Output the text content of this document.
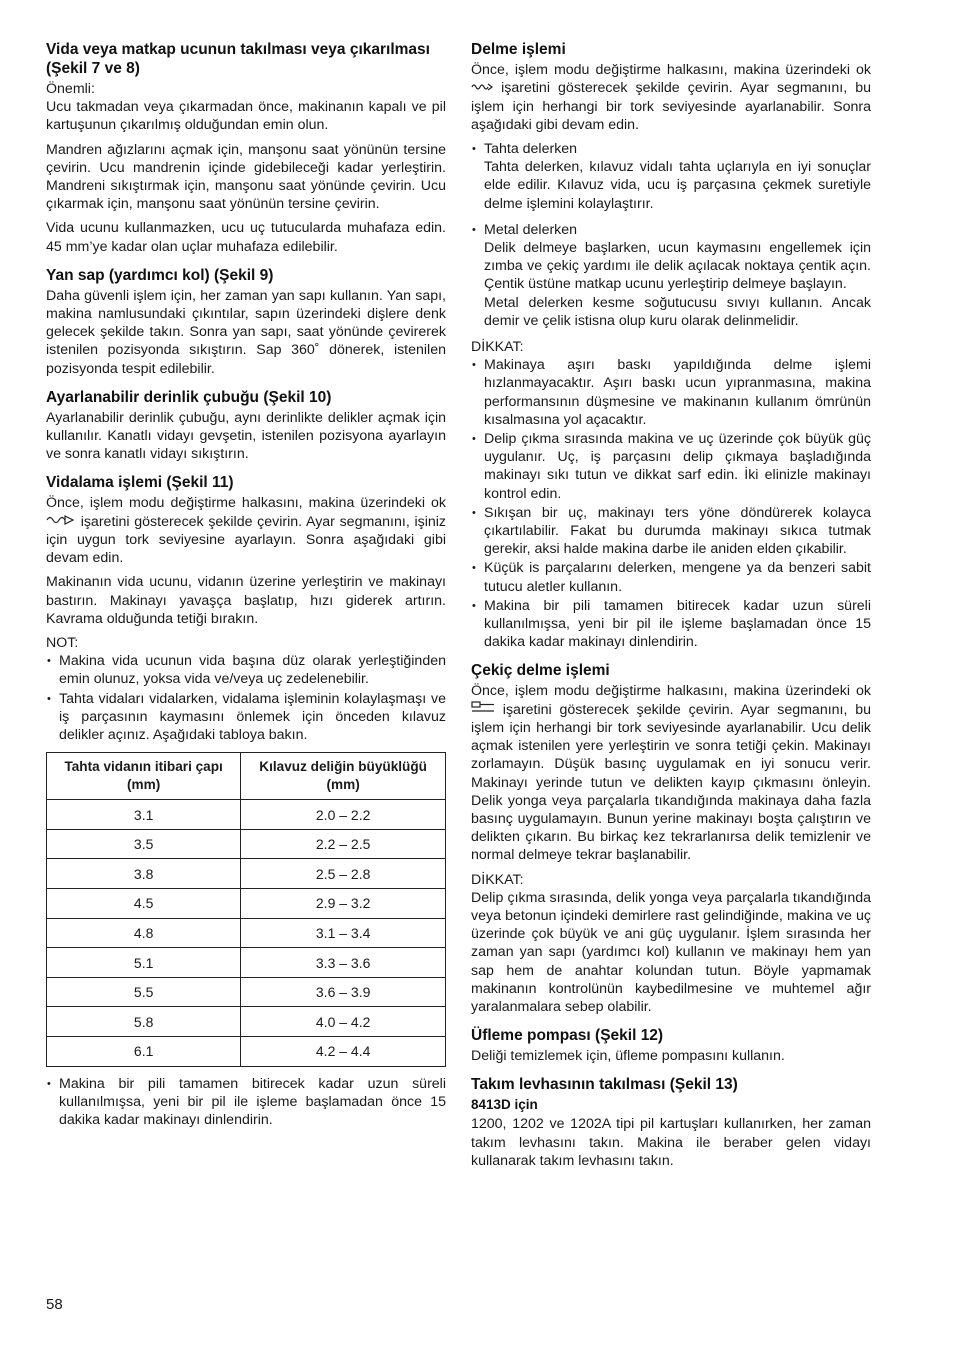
Vida veya matkap ucunun takılması veya çıkarılması (Şekil 7 ve 8)

Önemli:

Ucu takmadan veya çıkarmadan önce, makinanın kapalı ve pil kartuşunun çıkarılmış olduğundan emin olun.

Mandren ağızlarını açmak için, manşonu saat yönünün tersine çevirin. Ucu mandrenin içinde gidebileceği kadar yerleştirin. Mandreni sıkıştırmak için, manşonu saat yönünde çevirin. Ucu çıkarmak için, manşonu saat yönünün tersine çevirin.

Vida ucunu kullanmazken, ucu uç tutucularda muhafaza edin. 45 mm’ye kadar olan uçlar muhafaza edilebilir.

Yan sap (yardımcı kol) (Şekil 9)

Daha güvenli işlem için, her zaman yan sapı kullanın. Yan sapı, makina namlusundaki çıkıntılar, sapın üzerindeki dişlere denk gelecek şekilde takın. Sonra yan sapı, saat yönünde çevirerek istenilen pozisyonda sıkıştırın. Sap 360˚ dönerek, istenilen pozisyonda tespit edilebilir.

Ayarlanabilir derinlik çubuğu (Şekil 10)

Ayarlanabilir derinlik çubuğu, aynı derinlikte delikler açmak için kullanılır. Kanatlı vidayı gevşetin, istenilen pozisyona ayarlayın ve sonra kanatlı vidayı sıkıştırın.

Vidalama işlemi (Şekil 11)

Önce, işlem modu değiştirme halkasını, makina üzerindeki ok  işaretini gösterecek şekilde çevirin. Ayar segmanını, işiniz için uygun tork seviyesine ayarlayın. Sonra aşağıdaki gibi devam edin.

Makinanın vida ucunu, vidanın üzerine yerleştirin ve makinayı bastırın. Makinayı yavaşça başlatıp, hızı giderek artırın. Kavrama olduğunda tetiği bırakın.

NOT:

• Makina vida ucunun vida başına düz olarak yerleştiğinden emin olunuz, yoksa vida ve/veya uç zedelenebilir.
• Tahta vidaları vidalarken, vidalama işleminin kolaylaşmaşı ve iş parçasının kaymasını önlemek için önceden kılavuz delikler açınız. Aşağıdaki tabloya bakın.
Tahta vidanın itibari çapı (mm)	Kılavuz deliğin büyüklüğü (mm)
3.1	2.0 – 2.2
3.5	2.2 – 2.5
3.8	2.5 – 2.8
4.5	2.9 – 3.2
4.8	3.1 – 3.4
5.1	3.3 – 3.6
5.5	3.6 – 3.9
5.8	4.0 – 4.2
6.1	4.2 – 4.4
• Makina bir pili tamamen bitirecek kadar uzun süreli kullanılmışsa, yeni bir pil ile işleme başlamadan önce 15 dakika kadar makinayı dinlendirin.
Delme işlemi

Önce, işlem modu değiştirme halkasını, makina üzerindeki ok  işaretini gösterecek şekilde çevirin. Ayar segmanını, bu işlem için herhangi bir tork seviyesinde ayarlanabilir. Sonra aşağıdaki gibi devam edin.

• Tahta delerken

Tahta delerken, kılavuz vidalı tahta uçlarıyla en iyi sonuçlar elde edilir. Kılavuz vida, ucu iş parçasına çekmek suretiyle delme işlemini kolaylaştırır.

• Metal delerken

Delik delmeye başlarken, ucun kaymasını engellemek için zımba ve çekiç yardımı ile delik açılacak noktaya çentik açın. Çentik üstüne matkap ucunu yerleştirip delmeye başlayın.

Metal delerken kesme soğutucusu sıvıyı kullanın. Ancak demir ve çelik istisna olup kuru olarak delinmelidir.

DİKKAT:

• Makinaya aşırı baskı yapıldığında delme işlemi hızlanmayacaktır. Aşırı baskı ucun yıpranmasına, makina performansının düşmesine ve makinanın kullanım ömrünün kısalmasına yol açacaktır.
• Delip çıkma sırasında makina ve uç üzerinde çok büyük güç uygulanır. Uç, iş parçasını delip çıkmaya başladığında makinayı sıkı tutun ve dikkat sarf edin. İki elinizle makinayı kontrol edin.
• Sıkışan bir uç, makinayı ters yöne döndürerek kolayca çıkartılabilir. Fakat bu durumda makinayı sıkıca tutmak gerekir, aksi halde makina darbe ile aniden elden çıkabilir.
• Küçük is parçalarını delerken, mengene ya da benzeri sabit tutucu aletler kullanın.
• Makina bir pili tamamen bitirecek kadar uzun süreli kullanılmışsa, yeni bir pil ile işleme başlamadan önce 15 dakika kadar makinayı dinlendirin.
Çekiç delme işlemi

Önce, işlem modu değiştirme halkasını, makina üzerindeki ok  işaretini gösterecek şekilde çevirin. Ayar segmanını, bu işlem için herhangi bir tork seviyesinde ayarlanabilir. Ucu delik açmak istenilen yere yerleştirin ve sonra tetiği çekin. Makinayı zorlamayın. Düşük basınç uygulamak en iyi sonucu verir. Makinayı yerinde tutun ve delikten kayıp çıkmasını önleyin. Delik yonga veya parçalarla tıkandığında makinaya daha fazla basınç uygulamayın. Bunun yerine makinayı boşta çalıştırın ve delikten çıkarın. Bu birkaç kez tekrarlanırsa delik temizlenir ve normal delmeye tekrar başlanabilir.

DİKKAT:

Delip çıkma sırasında, delik yonga veya parçalarla tıkandığında veya betonun içindeki demirlere rast gelindiğinde, makina ve uç üzerinde çok büyük ve ani güç uygulanır. İşlem sırasında her zaman yan sapı (yardımcı kol) kullanın ve makinayı hem yan sap hem de anahtar kolundan tutun. Böyle yapmamak makinanın kontrolünün kaybedilmesine ve muhtemel ağır yaralanmalara sebep olabilir.

Üfleme pompası (Şekil 12)

Deliği temizlemek için, üfleme pompasını kullanın.

Takım levhasının takılması (Şekil 13)
8413D için

1200, 1202 ve 1202A tipi pil kartuşları kullanırken, her zaman takım levhasını takın. Makina ile beraber gelen vidayı kullanarak takım levhasını takın.

58
